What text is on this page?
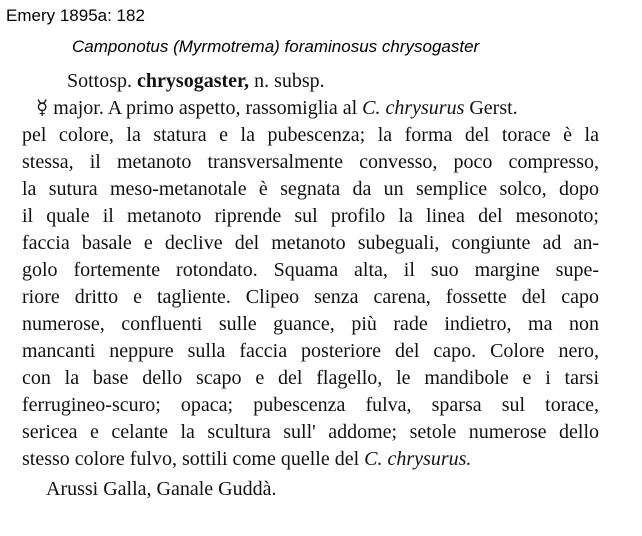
Emery 1895a: 182
Camponotus (Myrmotrema) foraminosus chrysogaster
Sottosp. chrysogaster, n. subsp.
☿ major. A primo aspetto, rassomiglia al C. chrysurus Gerst.
pel colore, la statura e la pubescenza; la forma del torace è la
stessa, il metanoto transversalmente convesso, poco compresso,
la sutura meso-metanotale è segnata da un semplice solco, dopo
il quale il metanoto riprende sul profilo la linea del mesonoto;
faccia basale e declive del metanoto subeguali, congiunte ad an-
golo fortemente rotondato. Squama alta, il suo margine supe-
riore dritto e tagliente. Clipeo senza carena, fossette del capo
numerose, confluenti sulle guance, più rade indietro, ma non
mancanti neppure sulla faccia posteriore del capo. Colore nero,
con la base dello scapo e del flagello, le mandibole e i tarsi
ferrugineo-scuro; opaca; pubescenza fulva, sparsa sul torace,
sericea e celante la scultura sull' addome; setole numerose dello
stesso colore fulvo, sottili come quelle del C. chrysurus.
Arussi Galla, Ganale Guddà.
